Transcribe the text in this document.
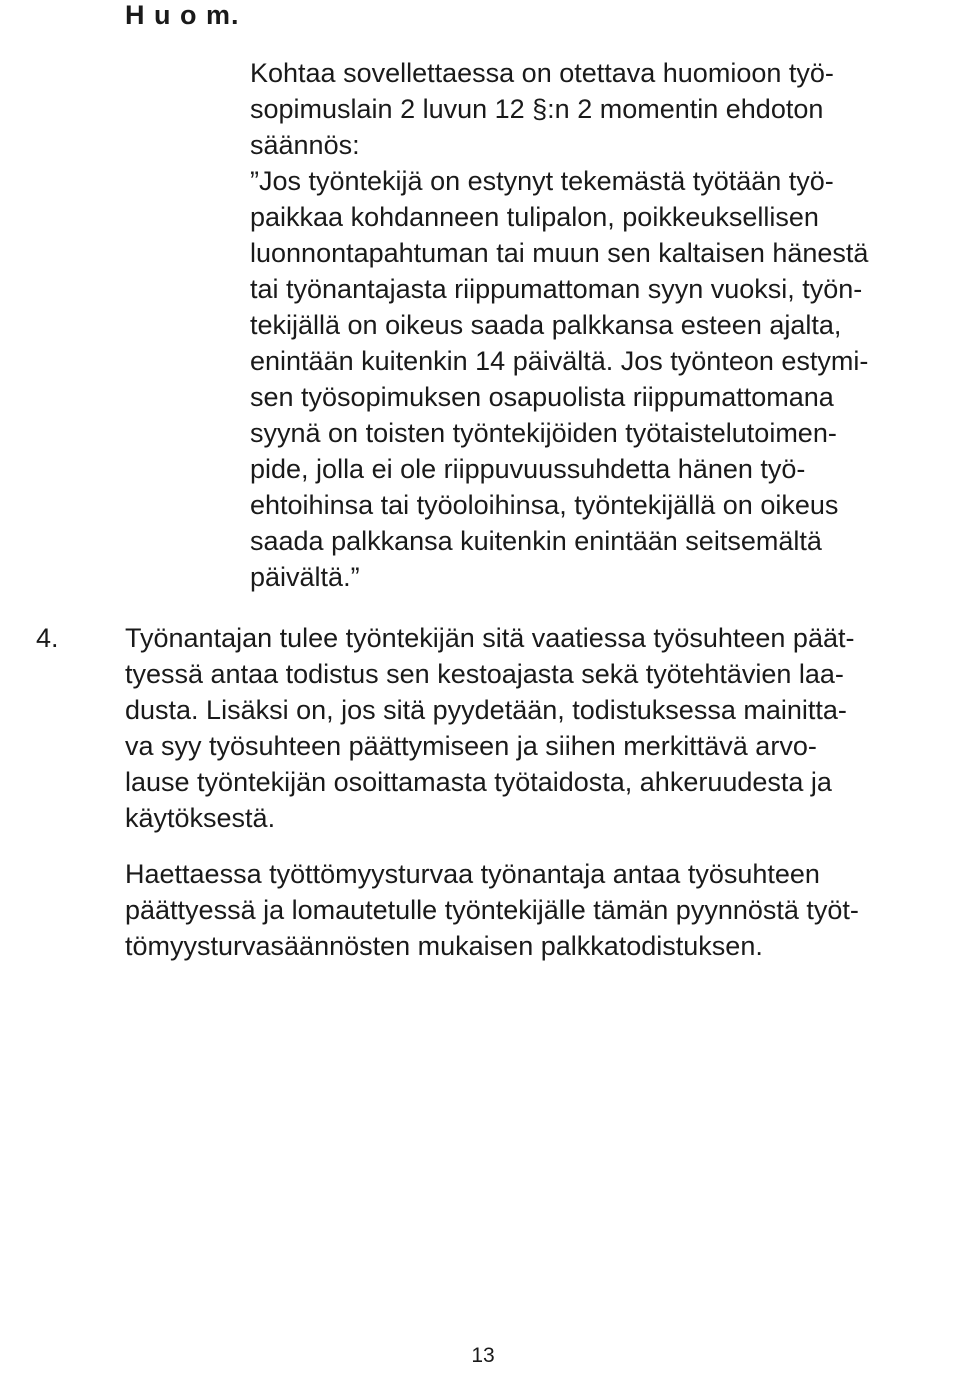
H u o m.
Kohtaa sovellettaessa on otettava huomioon työ-
sopimuslain 2 luvun 12 §:n 2 momentin ehdoton
säännös:
”Jos työntekijä on estynyt tekemästä työtään työ-
paikkaa kohdanneen tulipalon, poikkeuksellisen
luonnontapahtuman tai muun sen kaltaisen hänestä
tai työnantajasta riippumattoman syyn vuoksi, työn-
tekijällä on oikeus saada palkkansa esteen ajalta,
enintään kuitenkin 14 päivältä. Jos työnteon estymi-
sen työsopimuksen osapuolista riippumattomana
syynä on toisten työntekijöiden työtaistelutoimen-
pide, jolla ei ole riippuvuussuhdetta hänen työ-
ehtoihinsa tai työoloihinsa, työntekijällä on oikeus
saada palkkansa kuitenkin enintään seitsemältä
päivältä.”
4. Työnantajan tulee työntekijän sitä vaatiessa työsuhteen päät-
tyessä antaa todistus sen kestoajasta sekä työtehtävien laa-
dusta. Lisäksi on, jos sitä pyydetään, todistuksessa mainitta-
va syy työsuhteen päättymiseen ja siihen merkittävä arvo-
lause työntekijän osoittamasta työtaidosta, ahkeruudesta ja
käytöksestä.
Haettaessa työttömyysturvaa työnantaja antaa työsuhteen
päättyessä ja lomautetulle työntekijälle tämän pyynnöstä työt-
tömyysturvasäännösten mukaisen palkkatodistuksen.
13
